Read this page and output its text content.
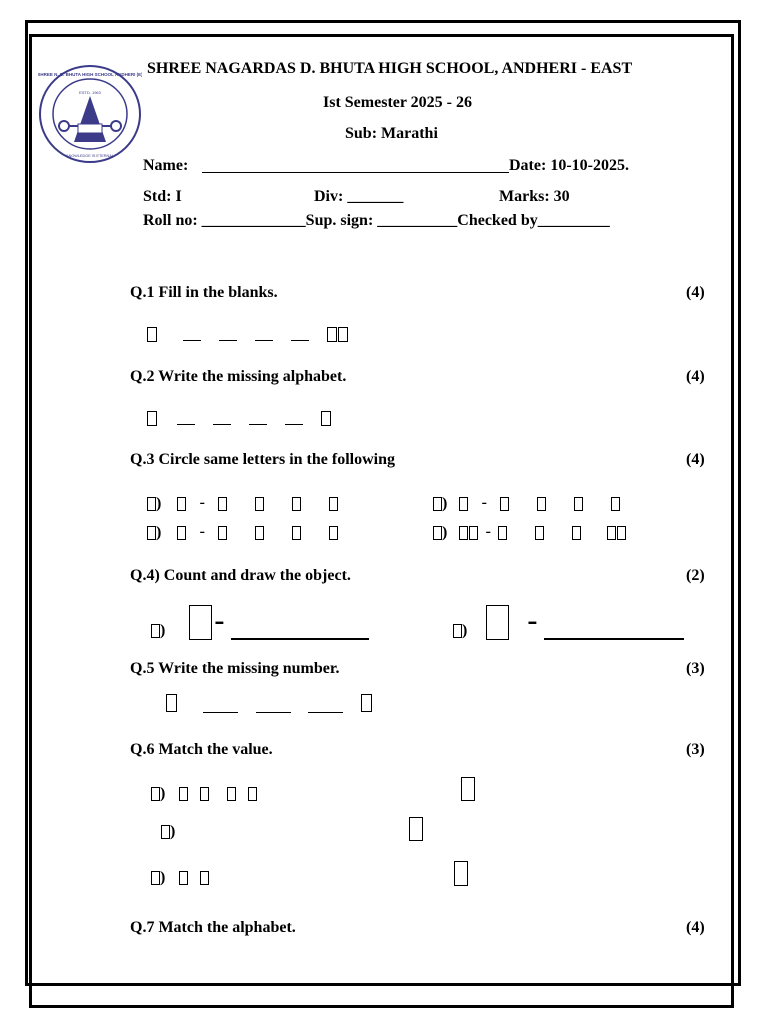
ESTD. 1963
SHREE N. D. BHUTA HIGH SCHOOL ANDHERI (E)
KNOWLEDGE IS ETERNAL
SHREE NAGARDAS D. BHUTA HIGH SCHOOL, ANDHERI - EAST
Ist Semester 2025 - 26
Sub: Marathi
Name:	Date: 10-10-2025.
Std: I	Div: _______	Marks: 30
Roll no: _____________Sup. sign: __________Checked by_________
Q.1 Fill in the blanks.	(4)
Q.2 Write the missing alphabet.	(4)
Q.3 Circle same letters in the following	(4)
) -	) -
) -	) -
Q.4) Count and draw the object.	(2)
) -	) -
Q.5 Write the missing number.	(3)
Q.6 Match the value.	(3)
)
)
)
Q.7 Match the alphabet.	(4)
